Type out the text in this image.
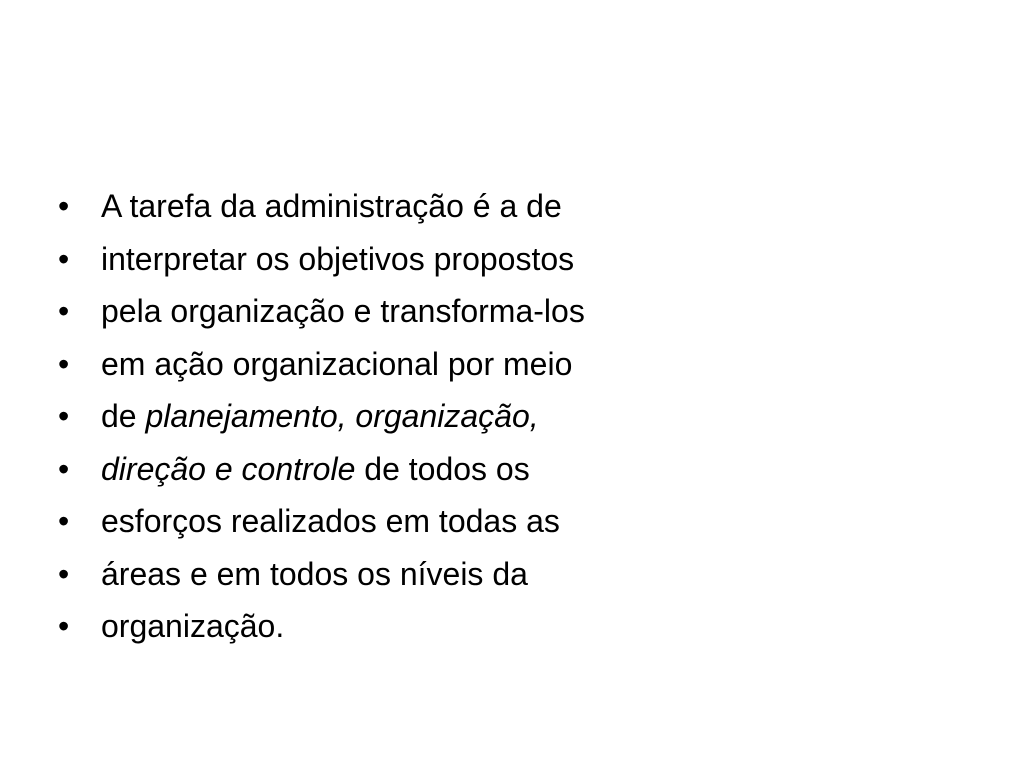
• A tarefa da administração é a de
• interpretar os objetivos propostos
• pela organização e transforma-los
• em ação organizacional por meio
• de planejamento, organização,
• direção e controle de todos os
• esforços realizados em todas as
• áreas e em todos os níveis da
• organização.
